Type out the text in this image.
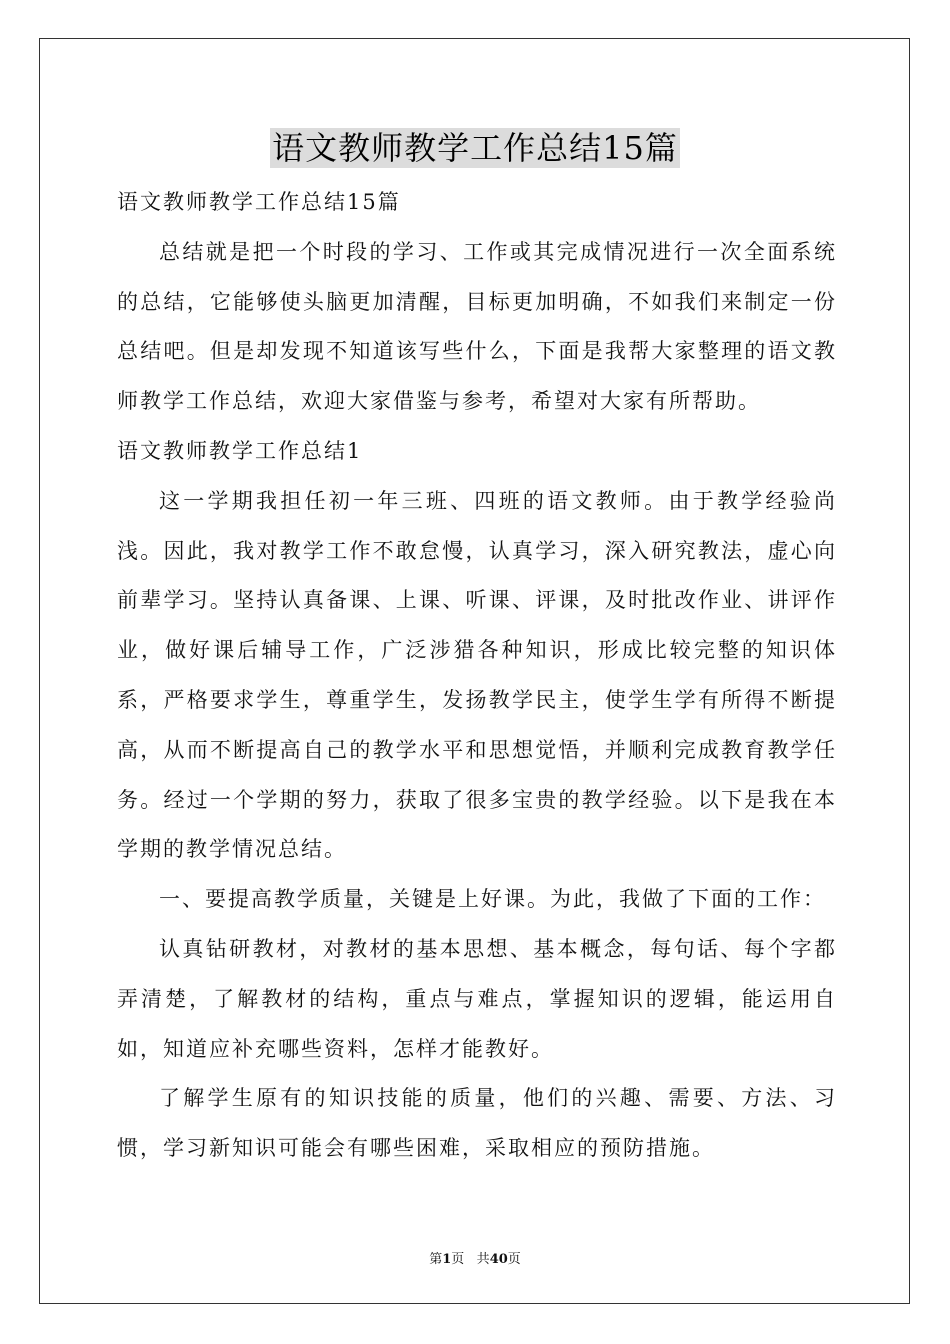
语文教师教学工作总结15篇

语文教师教学工作总结15篇

总结就是把一个时段的学习、工作或其完成情况进行一次全面系统的总结，它能够使头脑更加清醒，目标更加明确，不如我们来制定一份总结吧。但是却发现不知道该写些什么，下面是我帮大家整理的语文教师教学工作总结，欢迎大家借鉴与参考，希望对大家有所帮助。

语文教师教学工作总结1

这一学期我担任初一年三班、四班的语文教师。由于教学经验尚浅。因此，我对教学工作不敢怠慢，认真学习，深入研究教法，虚心向前辈学习。坚持认真备课、上课、听课、评课，及时批改作业、讲评作业，做好课后辅导工作，广泛涉猎各种知识，形成比较完整的知识体系，严格要求学生，尊重学生，发扬教学民主，使学生学有所得不断提高，从而不断提高自己的教学水平和思想觉悟，并顺利完成教育教学任务。经过一个学期的努力，获取了很多宝贵的教学经验。以下是我在本学期的教学情况总结。

一、要提高教学质量，关键是上好课。为此，我做了下面的工作：

认真钻研教材，对教材的基本思想、基本概念，每句话、每个字都弄清楚，了解教材的结构，重点与难点，掌握知识的逻辑，能运用自如，知道应补充哪些资料，怎样才能教好。

了解学生原有的知识技能的质量，他们的兴趣、需要、方法、习惯，学习新知识可能会有哪些困难，采取相应的预防措施。

第1页 共40页
